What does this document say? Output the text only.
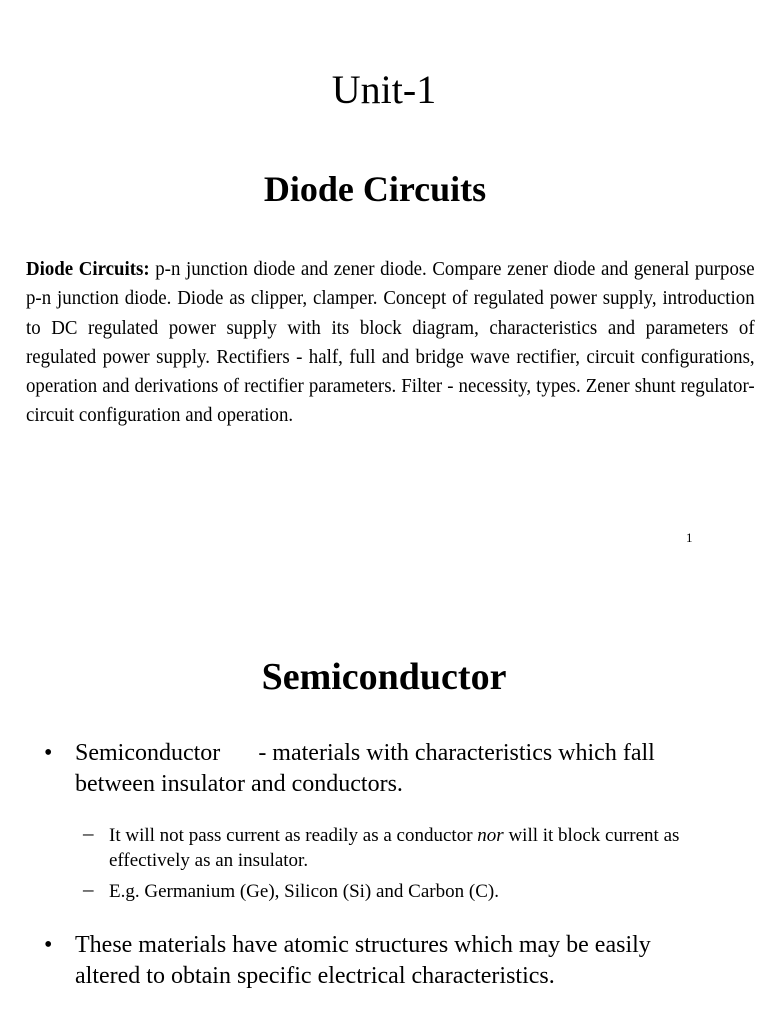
Unit-1
Diode Circuits
Diode Circuits: p-n junction diode and zener diode. Compare zener diode and general purpose p-n junction diode. Diode as clipper, clamper. Concept of regulated power supply, introduction to DC regulated power supply with its block diagram, characteristics and parameters of regulated power supply. Rectifiers - half, full and bridge wave rectifier, circuit configurations, operation and derivations of rectifier parameters. Filter - necessity, types. Zener shunt regulator- circuit configuration and operation.
1
Semiconductor
• Semiconductor - materials with characteristics which fall between insulator and conductors.
– It will not pass current as readily as a conductor nor will it block current as effectively as an insulator.
– E.g. Germanium (Ge), Silicon (Si) and Carbon (C).
• These materials have atomic structures which may be easily altered to obtain specific electrical characteristics.
